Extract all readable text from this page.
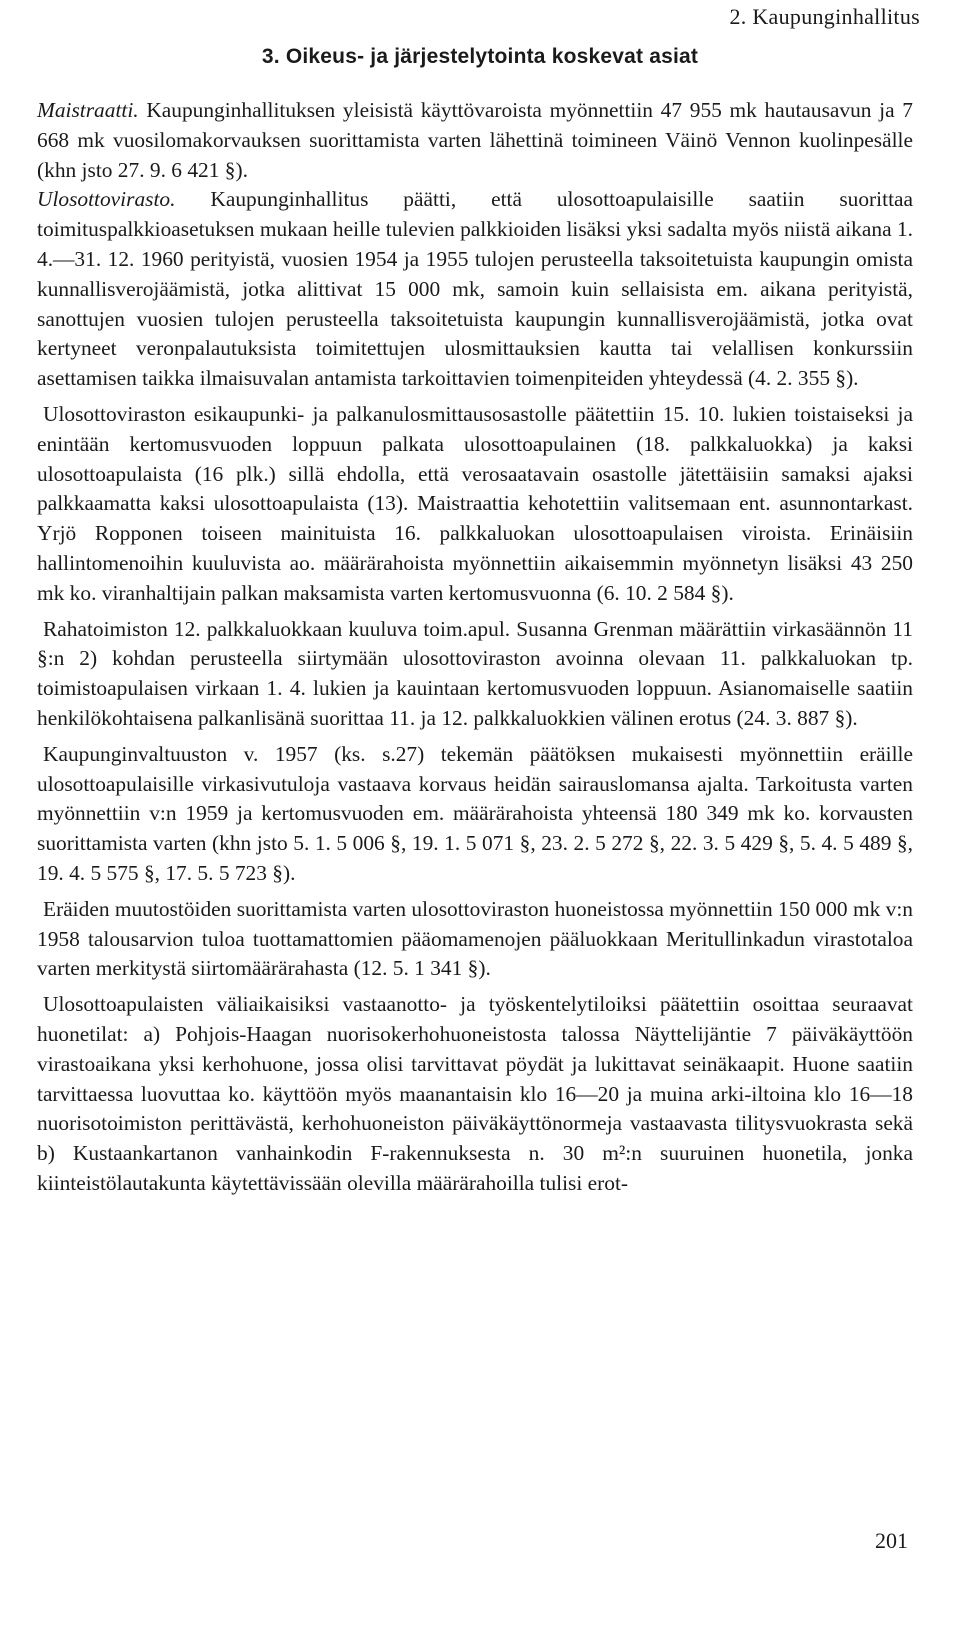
2. Kaupunginhallitus
3. Oikeus- ja järjestelytointa koskevat asiat

Maistraatti. Kaupunginhallituksen yleisistä käyttövaroista myönnettiin 47 955 mk hautausavun ja 7 668 mk vuosilomakorvauksen suorittamista varten lähettinä toimineen Väinö Vennon kuolinpesälle (khn jsto 27. 9. 6 421 §).

Ulosottovirasto. Kaupunginhallitus päätti, että ulosottoapulaisille saatiin suorittaa toimituspalkkioasetuksen mukaan heille tulevien palkkioiden lisäksi yksi sadalta myös niistä aikana 1. 4.—31. 12. 1960 perityistä, vuosien 1954 ja 1955 tulojen perusteella taksoitetuista kaupungin omista kunnallisverojäämistä, jotka alittivat 15 000 mk, samoin kuin sellaisista em. aikana perityistä, sanottujen vuosien tulojen perusteella taksoitetuista kaupungin kunnallisverojäämistä, jotka ovat kertyneet veronpalautuksista toimitettujen ulosmittauksien kautta tai velallisen konkurssiin asettamisen taikka ilmaisuvalan antamista tarkoittavien toimenpiteiden yhteydessä (4. 2. 355 §).

Ulosottoviraston esikaupunki- ja palkanulosmittausosastolle päätettiin 15. 10. lukien toistaiseksi ja enintään kertomusvuoden loppuun palkata ulosottoapulainen (18. palkkaluokka) ja kaksi ulosottoapulaista (16 plk.) sillä ehdolla, että verosaatavain osastolle jätettäisiin samaksi ajaksi palkkaamatta kaksi ulosottoapulaista (13). Maistraattia kehotettiin valitsemaan ent. asunnontarkast. Yrjö Ropponen toiseen mainituista 16. palkkaluokan ulosottoapulaisen viroista. Erinäisiin hallintomenoihin kuuluvista ao. määrärahoista myönnettiin aikaisemmin myönnetyn lisäksi 43 250 mk ko. viranhaltijain palkan maksamista varten kertomusvuonna (6. 10. 2 584 §).

Rahatoimiston 12. palkkaluokkaan kuuluva toim.apul. Susanna Grenman määrättiin virkasäännön 11 §:n 2) kohdan perusteella siirtymään ulosottoviraston avoinna olevaan 11. palkkaluokan tp. toimistoapulaisen virkaan 1. 4. lukien ja kauintaan kertomusvuoden loppuun. Asianomaiselle saatiin henkilökohtaisena palkanlisänä suorittaa 11. ja 12. palkkaluokkien välinen erotus (24. 3. 887 §).

Kaupunginvaltuuston v. 1957 (ks. s.27) tekemän päätöksen mukaisesti myönnettiin eräille ulosottoapulaisille virkasivutuloja vastaava korvaus heidän sairauslomansa ajalta. Tarkoitusta varten myönnettiin v:n 1959 ja kertomusvuoden em. määrärahoista yhteensä 180 349 mk ko. korvausten suorittamista varten (khn jsto 5. 1. 5 006 §, 19. 1. 5 071 §, 23. 2. 5 272 §, 22. 3. 5 429 §, 5. 4. 5 489 §, 19. 4. 5 575 §, 17. 5. 5 723 §).

Eräiden muutostöiden suorittamista varten ulosottoviraston huoneistossa myönnettiin 150 000 mk v:n 1958 talousarvion tuloa tuottamattomien pääomamenojen pääluokkaan Meritullinkadun virastotaloa varten merkitystä siirtomäärärahasta (12. 5. 1 341 §).

Ulosottoapulaisten väliaikaisiksi vastaanotto- ja työskentelytiloiksi päätettiin osoittaa seuraavat huonetilat: a) Pohjois-Haagan nuorisokerhohuoneistosta talossa Näyttelijäntie 7 päiväkäyttöön virastoaikana yksi kerhohuone, jossa olisi tarvittavat pöydät ja lukittavat seinäkaapit. Huone saatiin tarvittaessa luovuttaa ko. käyttöön myös maanantaisin klo 16—20 ja muina arki-iltoina klo 16—18 nuorisotoimiston perittävästä, kerhohuoneiston päiväkäyttönormeja vastaavasta tilitysvuokrasta sekä b) Kustaankartanon vanhainkodin F-rakennuksesta n. 30 m²:n suuruinen huonetila, jonka kiinteistölautakunta käytettävissään olevilla määrärahoilla tulisi erot-

201
